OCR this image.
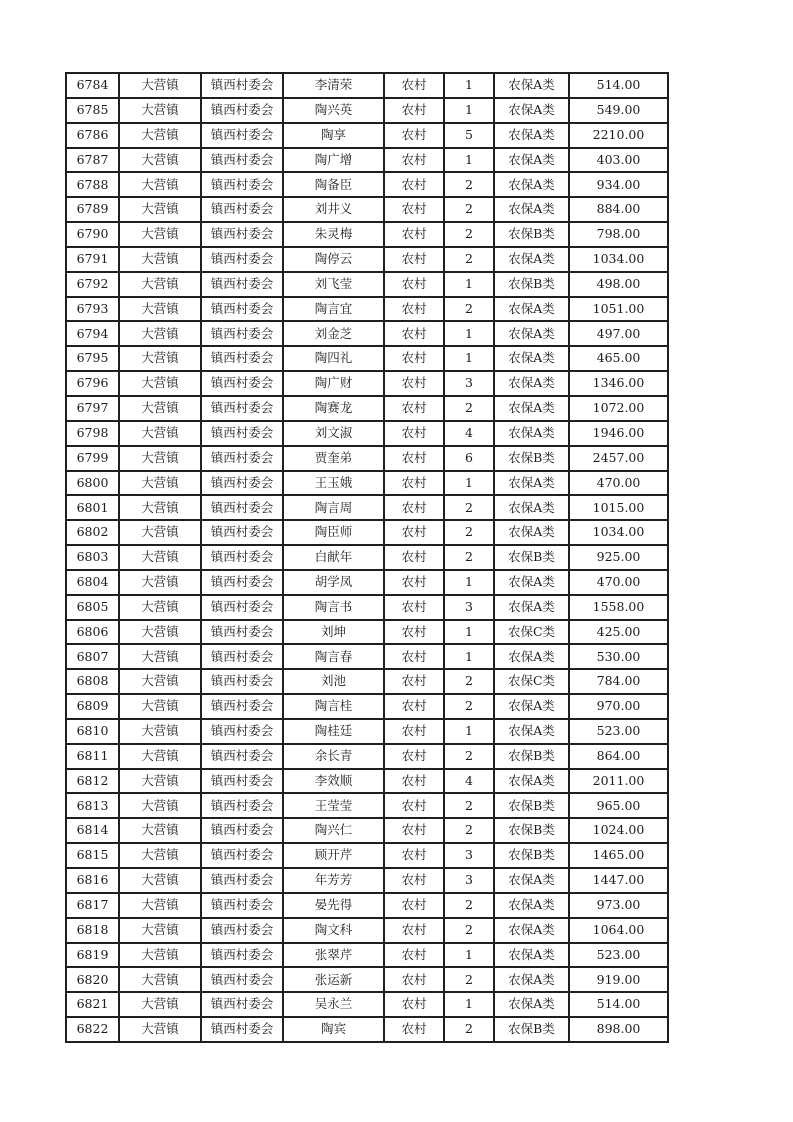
6784	大营镇	镇西村委会	李清荣	农村	1	农保A类	514.00
6785	大营镇	镇西村委会	陶兴英	农村	1	农保A类	549.00
6786	大营镇	镇西村委会	陶享	农村	5	农保A类	2210.00
6787	大营镇	镇西村委会	陶广增	农村	1	农保A类	403.00
6788	大营镇	镇西村委会	陶备臣	农村	2	农保A类	934.00
6789	大营镇	镇西村委会	刘井义	农村	2	农保A类	884.00
6790	大营镇	镇西村委会	朱灵梅	农村	2	农保B类	798.00
6791	大营镇	镇西村委会	陶停云	农村	2	农保A类	1034.00
6792	大营镇	镇西村委会	刘飞莹	农村	1	农保B类	498.00
6793	大营镇	镇西村委会	陶言宜	农村	2	农保A类	1051.00
6794	大营镇	镇西村委会	刘金芝	农村	1	农保A类	497.00
6795	大营镇	镇西村委会	陶四礼	农村	1	农保A类	465.00
6796	大营镇	镇西村委会	陶广财	农村	3	农保A类	1346.00
6797	大营镇	镇西村委会	陶赛龙	农村	2	农保A类	1072.00
6798	大营镇	镇西村委会	刘文淑	农村	4	农保A类	1946.00
6799	大营镇	镇西村委会	贾奎弟	农村	6	农保B类	2457.00
6800	大营镇	镇西村委会	王玉娥	农村	1	农保A类	470.00
6801	大营镇	镇西村委会	陶言周	农村	2	农保A类	1015.00
6802	大营镇	镇西村委会	陶臣师	农村	2	农保A类	1034.00
6803	大营镇	镇西村委会	白献年	农村	2	农保B类	925.00
6804	大营镇	镇西村委会	胡学凤	农村	1	农保A类	470.00
6805	大营镇	镇西村委会	陶言书	农村	3	农保A类	1558.00
6806	大营镇	镇西村委会	刘坤	农村	1	农保C类	425.00
6807	大营镇	镇西村委会	陶言春	农村	1	农保A类	530.00
6808	大营镇	镇西村委会	刘池	农村	2	农保C类	784.00
6809	大营镇	镇西村委会	陶言桂	农村	2	农保A类	970.00
6810	大营镇	镇西村委会	陶桂廷	农村	1	农保A类	523.00
6811	大营镇	镇西村委会	余长青	农村	2	农保B类	864.00
6812	大营镇	镇西村委会	李效顺	农村	4	农保A类	2011.00
6813	大营镇	镇西村委会	王莹莹	农村	2	农保B类	965.00
6814	大营镇	镇西村委会	陶兴仁	农村	2	农保B类	1024.00
6815	大营镇	镇西村委会	顾开芹	农村	3	农保B类	1465.00
6816	大营镇	镇西村委会	年芳芳	农村	3	农保A类	1447.00
6817	大营镇	镇西村委会	晏先得	农村	2	农保A类	973.00
6818	大营镇	镇西村委会	陶文科	农村	2	农保A类	1064.00
6819	大营镇	镇西村委会	张翠芹	农村	1	农保A类	523.00
6820	大营镇	镇西村委会	张运新	农村	2	农保A类	919.00
6821	大营镇	镇西村委会	吴永兰	农村	1	农保A类	514.00
6822	大营镇	镇西村委会	陶宾	农村	2	农保B类	898.00
